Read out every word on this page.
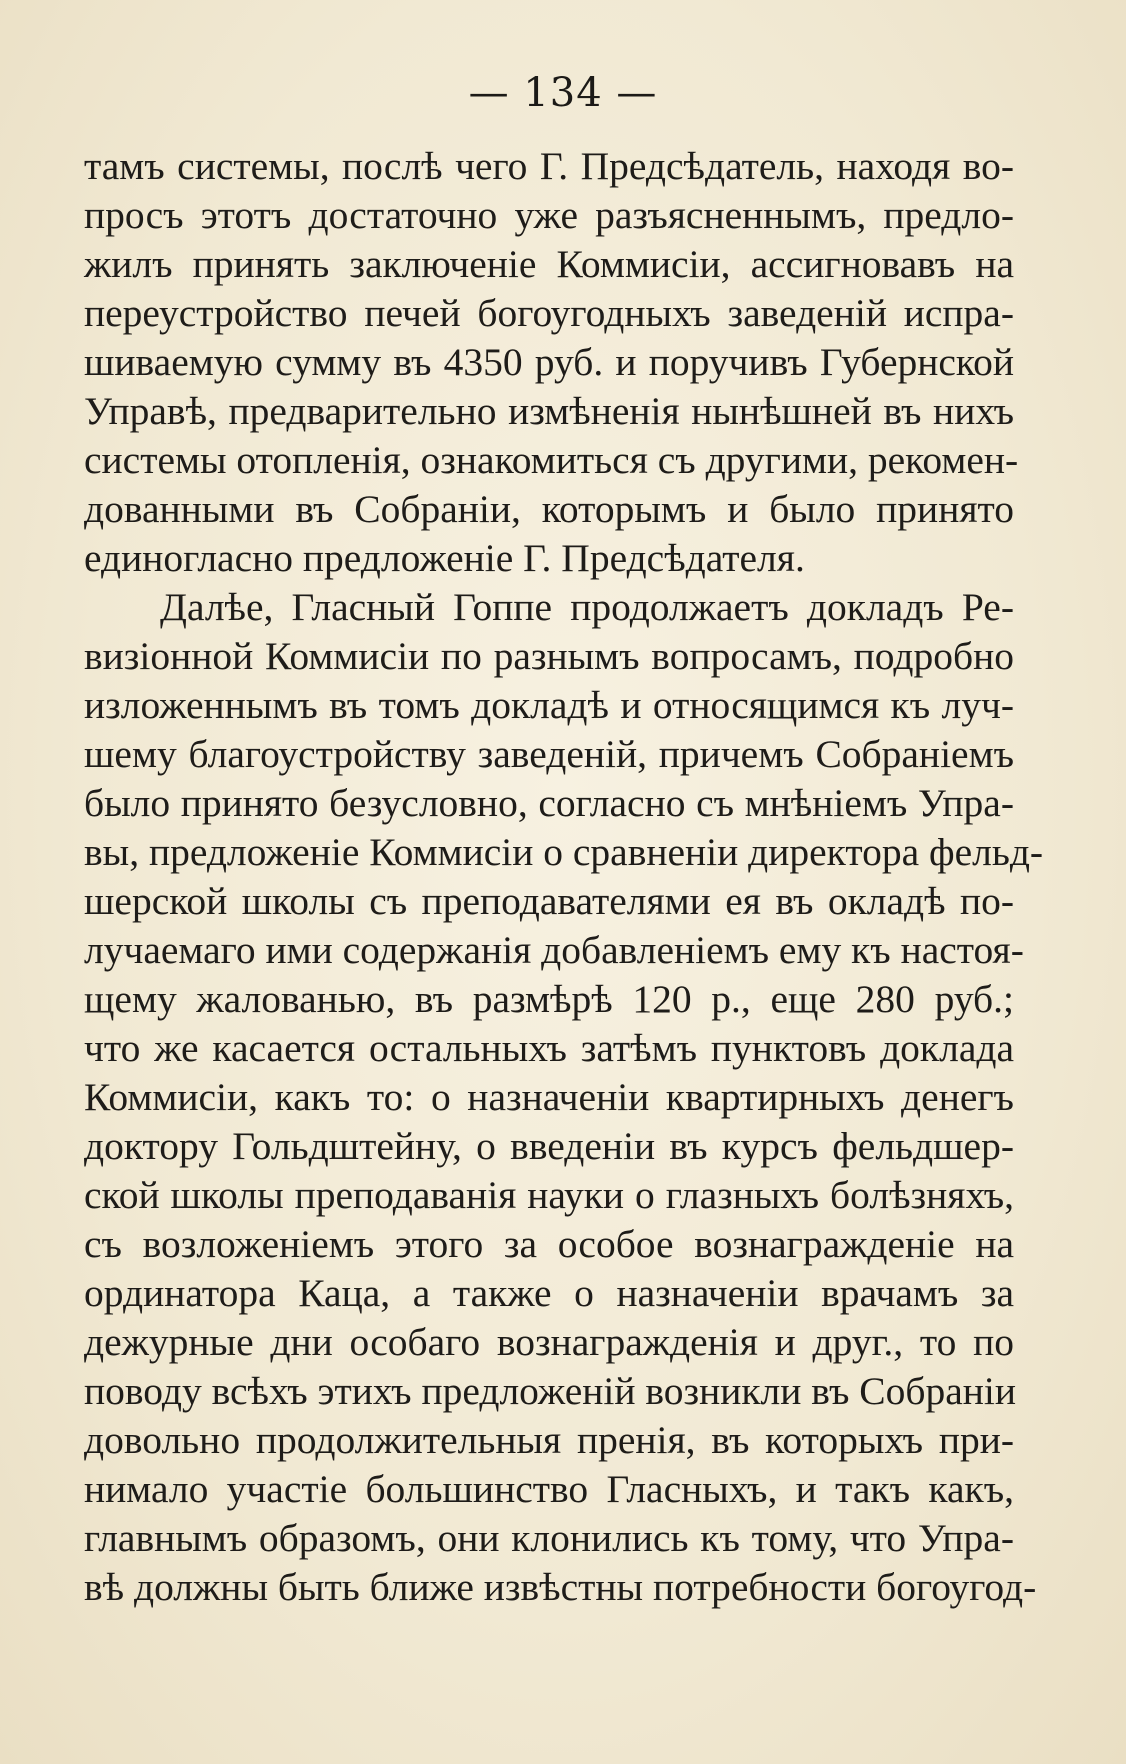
— 134 —
тамъ системы, послѣ чего Г. Предсѣдатель, находя во-
просъ этотъ достаточно уже разъясненнымъ, предло-
жилъ принять заключеніе Коммисіи, ассигновавъ на
переустройство печей богоугодныхъ заведеній испра-
шиваемую сумму въ 4350 руб. и поручивъ Губернской
Управѣ, предварительно измѣненія нынѣшней въ нихъ
системы отопленія, ознакомиться съ другими, рекомен-
дованными въ Собраніи, которымъ и было принято
единогласно предложеніе Г. Предсѣдателя.
Далѣе, Гласный Гоппе продолжаетъ докладъ Ре-
визіонной Коммисіи по разнымъ вопросамъ, подробно
изложеннымъ въ томъ докладѣ и относящимся къ луч-
шему благоустройству заведеній, причемъ Собраніемъ
было принято безусловно, согласно съ мнѣніемъ Упра-
вы, предложеніе Коммисіи о сравненіи директора фельд-
шерской школы съ преподавателями ея въ окладѣ по-
лучаемаго ими содержанія добавленіемъ ему къ настоя-
щему жалованью, въ размѣрѣ 120 р., еще 280 руб.;
что же касается остальныхъ затѣмъ пунктовъ доклада
Коммисіи, какъ то: о назначеніи квартирныхъ денегъ
доктору Гольдштейну, о введеніи въ курсъ фельдшер-
ской школы преподаванія науки о глазныхъ болѣзняхъ,
съ возложеніемъ этого за особое вознагражденіе на
ординатора Каца, а также о назначеніи врачамъ за
дежурные дни особаго вознагражденія и друг., то по
поводу всѣхъ этихъ предложеній возникли въ Собраніи
довольно продолжительныя пренія, въ которыхъ при-
нимало участіе большинство Гласныхъ, и такъ какъ,
главнымъ образомъ, они клонились къ тому, что Упра-
вѣ должны быть ближе извѣстны потребности богоугод-
